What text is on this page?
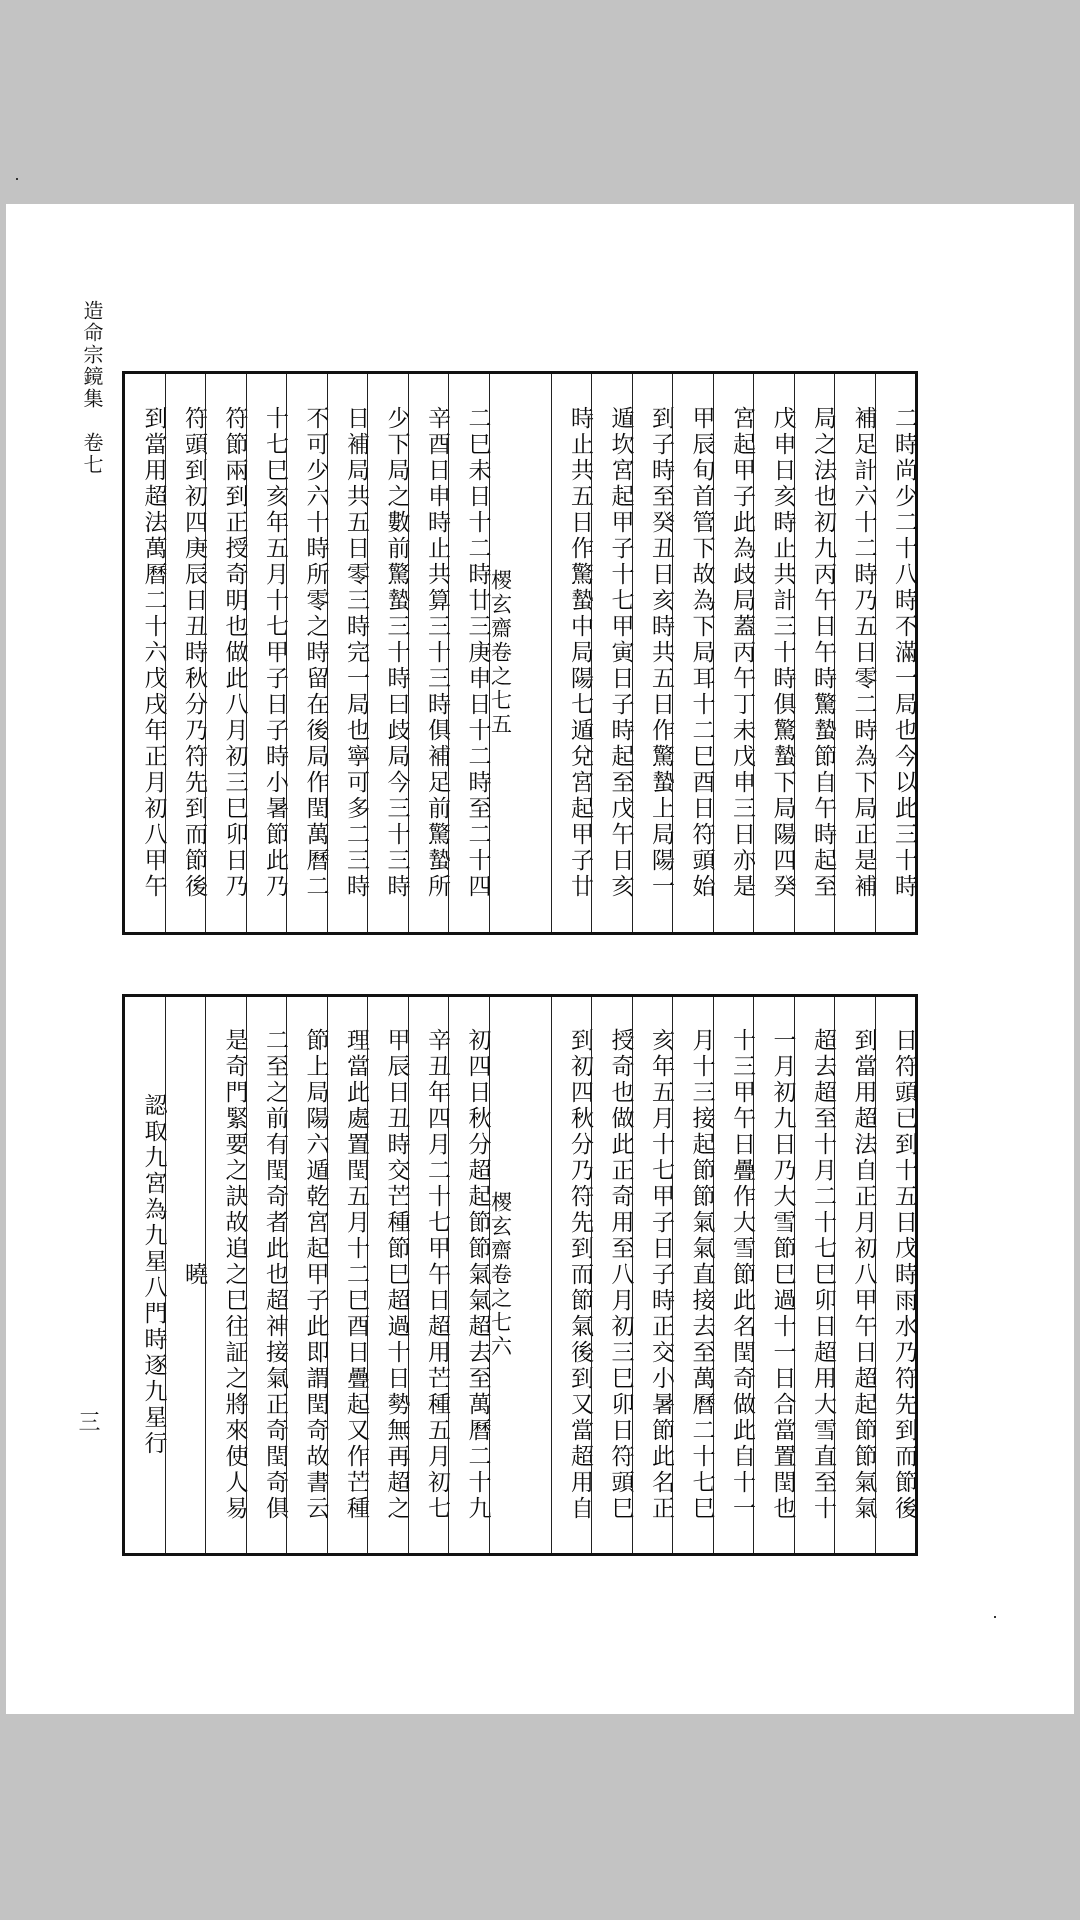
造命宗鏡集　卷七
二時尚少二十八時不滿一局也今以此三十時
補足計六十二時乃五日零二時為下局正是補
局之法也初九丙午日午時驚蟄節自午時起至
戊申日亥時止共計三十時俱驚蟄下局陽四癸
宮起甲子此為歧局蓋丙午丁未戊申三日亦是
甲辰旬首管下故為下局耳十二巳酉日符頭始
到子時至癸丑日亥時共五日作驚蟄上局陽一
遁坎宮起甲子十七甲寅日子時起至戊午日亥
時止共五日作驚蟄中局陽七遁兌宮起甲子廿
㮨玄齋卷之七五
二巳未日十二時廿三庚申日十二時至二十四
辛酉日申時止共算三十三時俱補足前驚蟄所
少下局之數前驚蟄三十時曰歧局今三十三時
日補局共五日零三時完一局也寧可多二三時
不可少六十時所零之時留在後局作閏萬曆二
十七巳亥年五月十七甲子日子時小暑節此乃
符節兩到正授奇明也做此八月初三巳卯日乃
符頭到初四庚辰日丑時秋分乃符先到而節後
到當用超法萬曆二十六戊戌年正月初八甲午
日符頭已到十五日戊時雨水乃符先到而節後
到當用超法自正月初八甲午日超起節節氣氣
超去超至十月二十七巳卯日超用大雪直至十
一月初九日乃大雪節巳過十一日合當置閏也
十三甲午日疊作大雪節此名閏奇做此自十一
月十三接起節節氣氣直接去至萬曆二十七巳
亥年五月十七甲子日子時正交小暑節此名正
授奇也做此正奇用至八月初三巳卯日符頭巳
到初四秋分乃符先到而節氣後到又當超用自
㮨玄齋卷之七六
初四日秋分超起節節氣氣超去至萬曆二十九
辛丑年四月二十七甲午日超用芒種五月初七
甲辰日丑時交芒種節巳超過十日勢無再超之
理當此處置閏五月十二巳酉日疊起又作芒種
節上局陽六遁乾宮起甲子此即謂閏奇故書云
二至之前有閏奇者此也超神接氣正奇閏奇俱
是奇門緊要之訣故追之巳往証之將來使人易
曉
認取九宮為九星八門時逐九星行
三
